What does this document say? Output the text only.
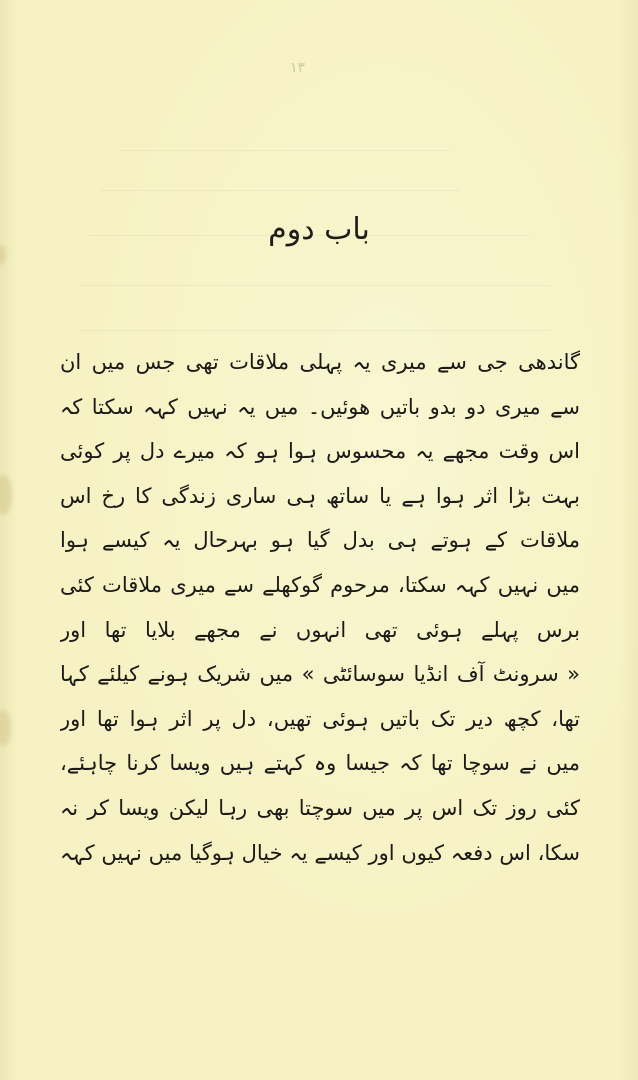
۱۳
باب دوم
گاندھی جی سے میری یہ پہلی ملاقات تھی جس میں ان
سے میری دو بدو باتیں ھوئیں۔ میں یہ نہیں کہہ سکتا کہ
اس وقت مجھے یہ محسوس ہوا ہو کہ میرے دل پر کوئی
بہت بڑا اثر ہوا ہے یا ساتھ ہی ساری زندگی کا رخ اس
ملاقات کے ہوتے ہی بدل گیا ہو بہرحال یہ کیسے ہوا
میں نہیں کہہ سکتا، مرحوم گوکھلے سے میری ملاقات کئی
برس پہلے ہوئی تھی انہوں نے مجھے بلایا تھا اور
« سرونٹ آف انڈیا سوسائٹی » میں شریک ہونے کیلئے کہا
تھا، کچھ دیر تک باتیں ہوئی تھیں، دل پر اثر ہوا تھا اور
میں نے سوچا تھا کہ جیسا وہ کہتے ہیں ویسا کرنا چاہئے،
کئی روز تک اس پر میں سوچتا بھی رہا لیکن ویسا کر نہ
سکا، اس دفعہ کیوں اور کیسے یہ خیال ہوگیا میں نہیں کہہ
